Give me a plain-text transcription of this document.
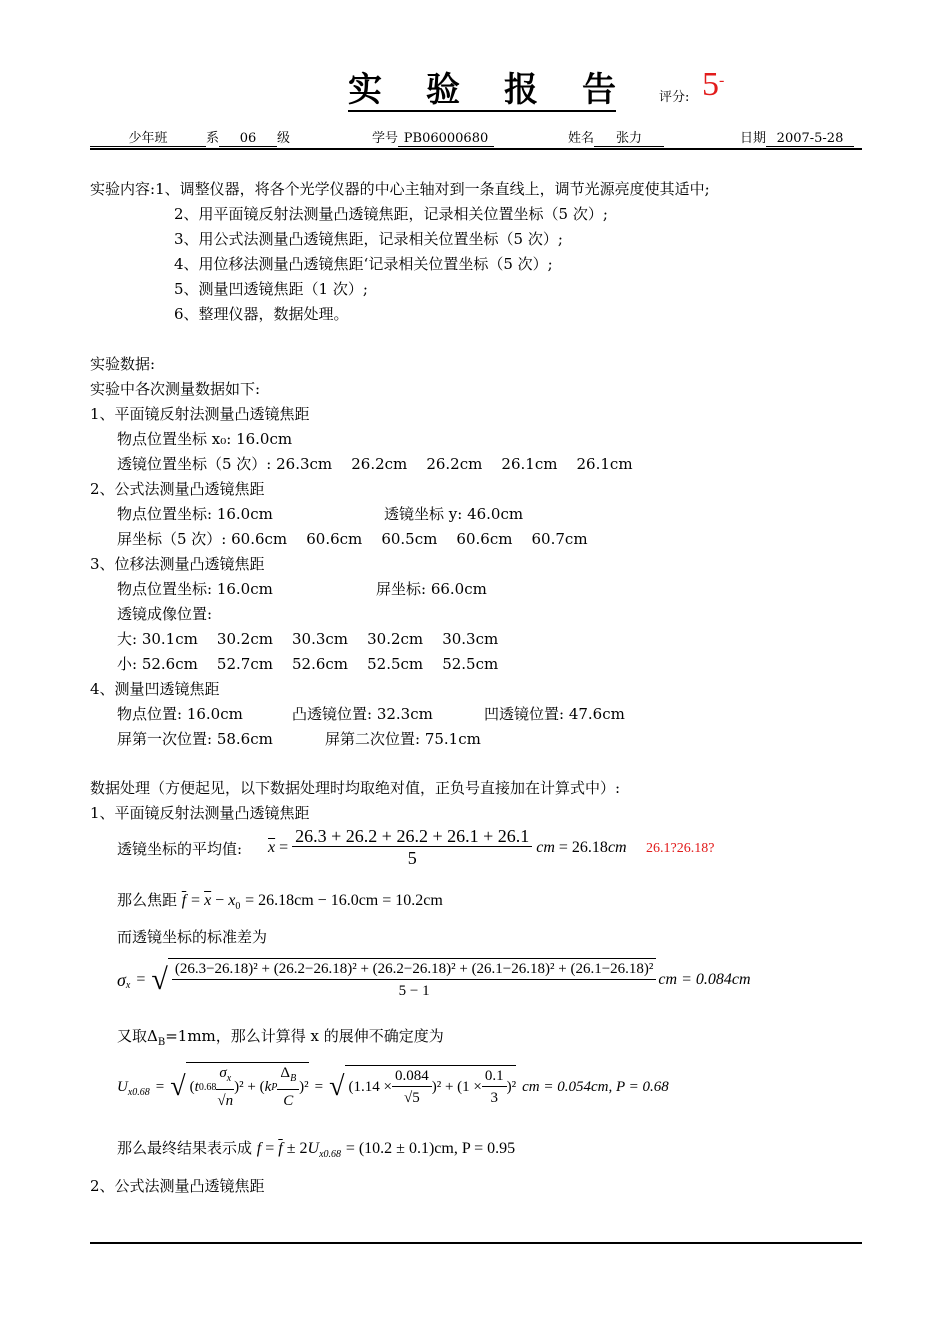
实验报告	评分: 5-
少年班	系 06 级	学号 PB06000680	姓名 张力	日期 2007-5-28
实验内容:1、调整仪器，将各个光学仪器的中心主轴对到一条直线上，调节光源亮度使其适中;
2、用平面镜反射法测量凸透镜焦距，记录相关位置坐标（5 次）;
3、用公式法测量凸透镜焦距，记录相关位置坐标（5 次）;
4、用位移法测量凸透镜焦距‘记录相关位置坐标（5 次）;
5、测量凹透镜焦距（1 次）;
6、整理仪器，数据处理。
实验数据:
实验中各次测量数据如下:
1、平面镜反射法测量凸透镜焦距
物点位置坐标 x₀: 16.0cm
透镜位置坐标（5 次）: 26.3cm    26.2cm    26.2cm    26.1cm    26.1cm
2、公式法测量凸透镜焦距
物点位置坐标: 16.0cm	透镜坐标 y: 46.0cm
屏坐标（5 次）: 60.6cm    60.6cm    60.5cm    60.6cm    60.7cm
3、位移法测量凸透镜焦距
物点位置坐标: 16.0cm	屏坐标: 66.0cm
透镜成像位置:
大: 30.1cm    30.2cm    30.3cm    30.2cm    30.3cm
小: 52.6cm    52.7cm    52.6cm    52.5cm    52.5cm
4、测量凹透镜焦距
物点位置: 16.0cm	凸透镜位置: 32.3cm	凹透镜位置: 47.6cm
屏第一次位置: 58.6cm	屏第二次位置: 75.1cm
数据处理（方便起见，以下数据处理时均取绝对值，正负号直接加在计算式中）:
1、平面镜反射法测量凸透镜焦距
透镜坐标的平均值: $\overline{x} = \frac{26.3 + 26.2 + 26.2 + 26.1 + 26.1}{5}$ cm = 26.18 cm 26.1?26.18?
那么焦距 $\overline{f} = \overline{x} - x_0 = 26.18cm - 16.0cm = 10.2cm$
而透镜坐标的标准差为
$\sigma_x$ = √ (26.3−26.18)² + (26.2−26.18)² + (26.2−26.18)² + (26.1−26.18)² + (26.1−26.18)²
5 − 1
cm = 0.084cm
又取$\Delta_B=1mm$，那么计算得 x 的展伸不确定度为
$U_{x0.68}$ = √ ( t $0.68 \frac{\sigma_x}{√n} )^2$ + ( k P $\frac{\Delta_B}{C} )^2$ = √ $(1.14 \times \frac{0.084}{√5} )^2 + (1 \times \frac{0.1}{3} )^2$ cm = 0.054cm, P = 0.68
那么最终结果表示成 $f = \overline{f} \pm 2U_{x0.68} = (10.2 \pm 0.1)cm$, P = 0.95
2、公式法测量凸透镜焦距
